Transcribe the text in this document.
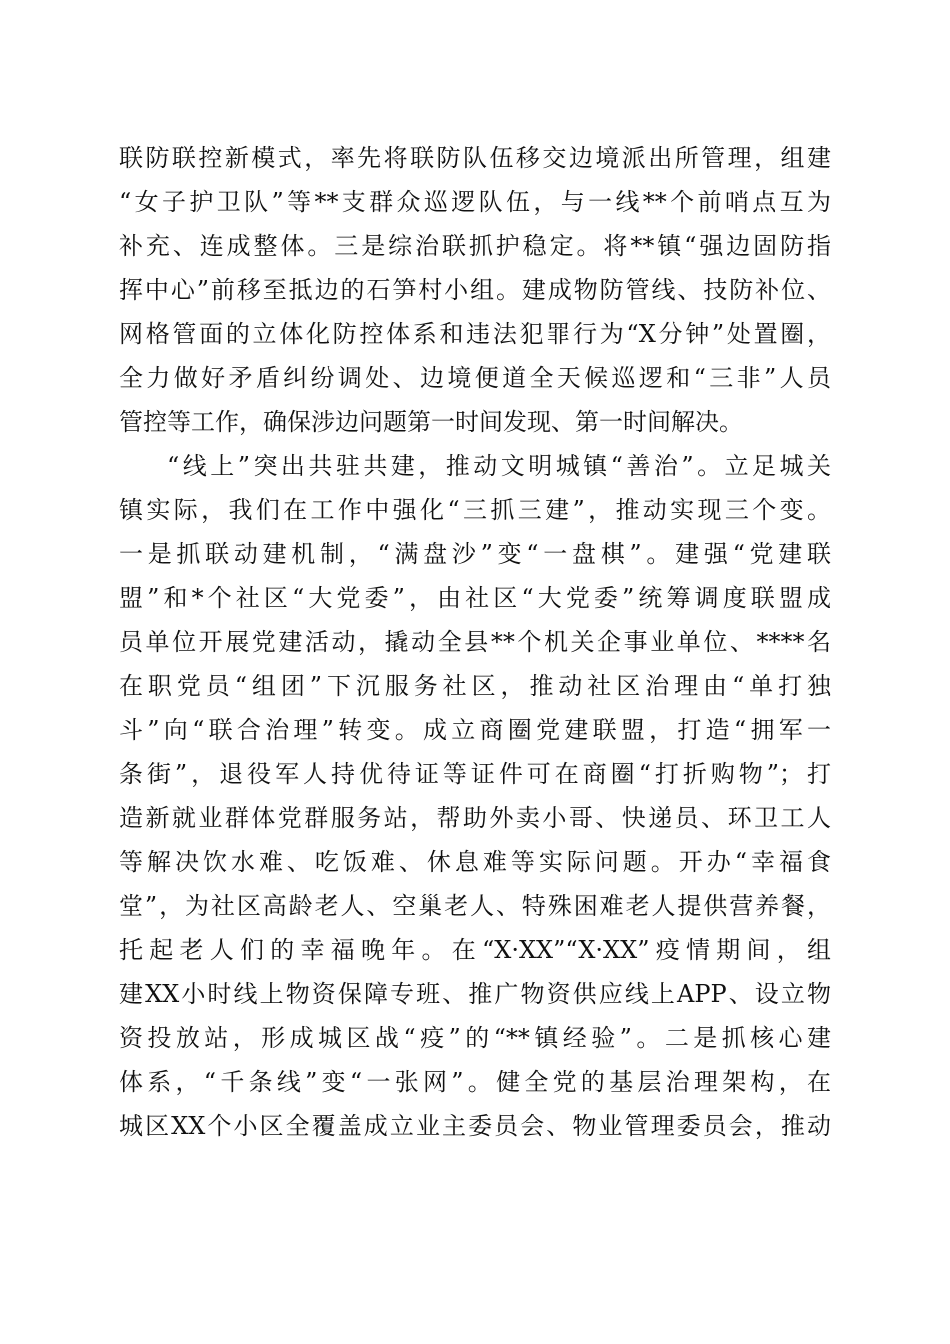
联防联控新模式，率先将联防队伍移交边境派出所管理，组建
“女子护卫队”等**支群众巡逻队伍，与一线**个前哨点互为
补充、连成整体。三是综治联抓护稳定。将**镇“强边固防指
挥中心”前移至抵边的石笋村小组。建成物防管线、技防补位、
网格管面的立体化防控体系和违法犯罪行为“X分钟”处置圈，
全力做好矛盾纠纷调处、边境便道全天候巡逻和“三非”人员
管控等工作，确保涉边问题第一时间发现、第一时间解决。
“线上”突出共驻共建，推动文明城镇“善治”。立足城关
镇实际，我们在工作中强化“三抓三建”，推动实现三个变。
一是抓联动建机制，“满盘沙”变“一盘棋”。建强“党建联
盟”和*个社区“大党委”，由社区“大党委”统筹调度联盟成
员单位开展党建活动，撬动全县**个机关企事业单位、****名
在职党员“组团”下沉服务社区，推动社区治理由“单打独
斗”向“联合治理”转变。成立商圈党建联盟，打造“拥军一
条街”，退役军人持优待证等证件可在商圈“打折购物”；打
造新就业群体党群服务站，帮助外卖小哥、快递员、环卫工人
等解决饮水难、吃饭难、休息难等实际问题。开办“幸福食
堂”，为社区高龄老人、空巢老人、特殊困难老人提供营养餐，
托起老人们的幸福晚年。在“X·XX”“X·XX”疫情期间，组
建XX小时线上物资保障专班、推广物资供应线上APP、设立物
资投放站，形成城区战“疫”的“**镇经验”。二是抓核心建
体系，“千条线”变“一张网”。健全党的基层治理架构，在
城区XX个小区全覆盖成立业主委员会、物业管理委员会，推动
